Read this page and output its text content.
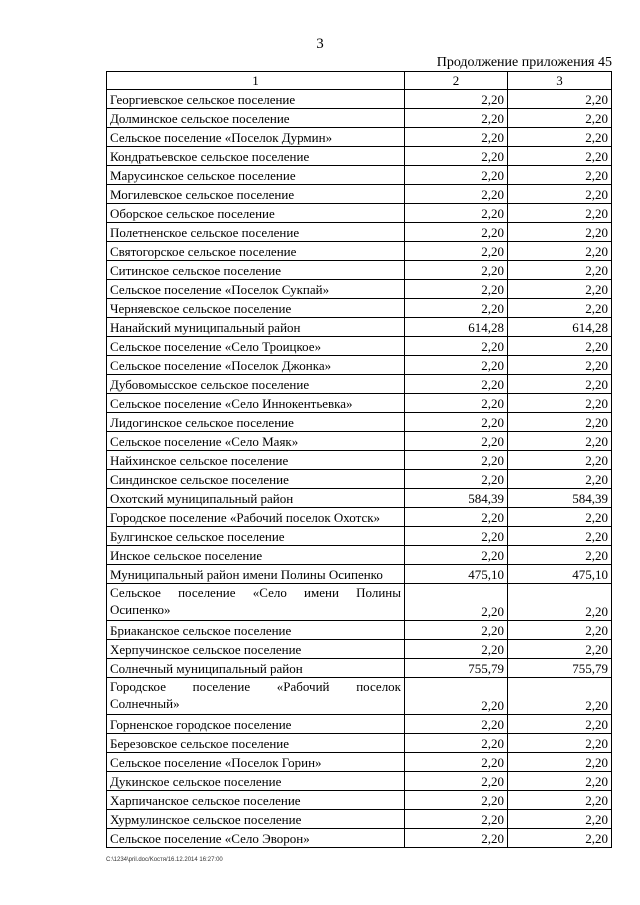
3
Продолжение приложения 45
1	2	3
Георгиевское сельское поселение	2,20	2,20
Долминское сельское поселение	2,20	2,20
Сельское поселение «Поселок Дурмин»	2,20	2,20
Кондратьевское сельское поселение	2,20	2,20
Марусинское сельское поселение	2,20	2,20
Могилевское сельское поселение	2,20	2,20
Оборское сельское поселение	2,20	2,20
Полетненское сельское поселение	2,20	2,20
Святогорское сельское поселение	2,20	2,20
Ситинское сельское поселение	2,20	2,20
Сельское поселение «Поселок Сукпай»	2,20	2,20
Черняевское сельское поселение	2,20	2,20
Нанайский муниципальный район	614,28	614,28
Сельское поселение «Село Троицкое»	2,20	2,20
Сельское поселение «Поселок Джонка»	2,20	2,20
Дубовомысское сельское поселение	2,20	2,20
Сельское поселение «Село Иннокентьевка»	2,20	2,20
Лидогинское сельское поселение	2,20	2,20
Сельское поселение «Село Маяк»	2,20	2,20
Найхинское сельское поселение	2,20	2,20
Синдинское сельское поселение	2,20	2,20
Охотский муниципальный район	584,39	584,39
Городское поселение «Рабочий поселок Охотск»	2,20	2,20
Булгинское сельское поселение	2,20	2,20
Инское сельское поселение	2,20	2,20
Муниципальный район имени Полины Осипенко	475,10	475,10
Сельское поселение «Село имени Полины Осипенко»	2,20	2,20
Бриаканское сельское поселение	2,20	2,20
Херпучинское сельское поселение	2,20	2,20
Солнечный муниципальный район	755,79	755,79
Городское поселение «Рабочий поселок Солнечный»	2,20	2,20
Горненское городское поселение	2,20	2,20
Березовское сельское поселение	2,20	2,20
Сельское поселение «Поселок Горин»	2,20	2,20
Дукинское сельское поселение	2,20	2,20
Харпичанское сельское поселение	2,20	2,20
Хурмулинское сельское поселение	2,20	2,20
Сельское поселение «Село Эворон»	2,20	2,20
C:\1234\pril.doc/Kocтя/16.12.2014 16:27:00
